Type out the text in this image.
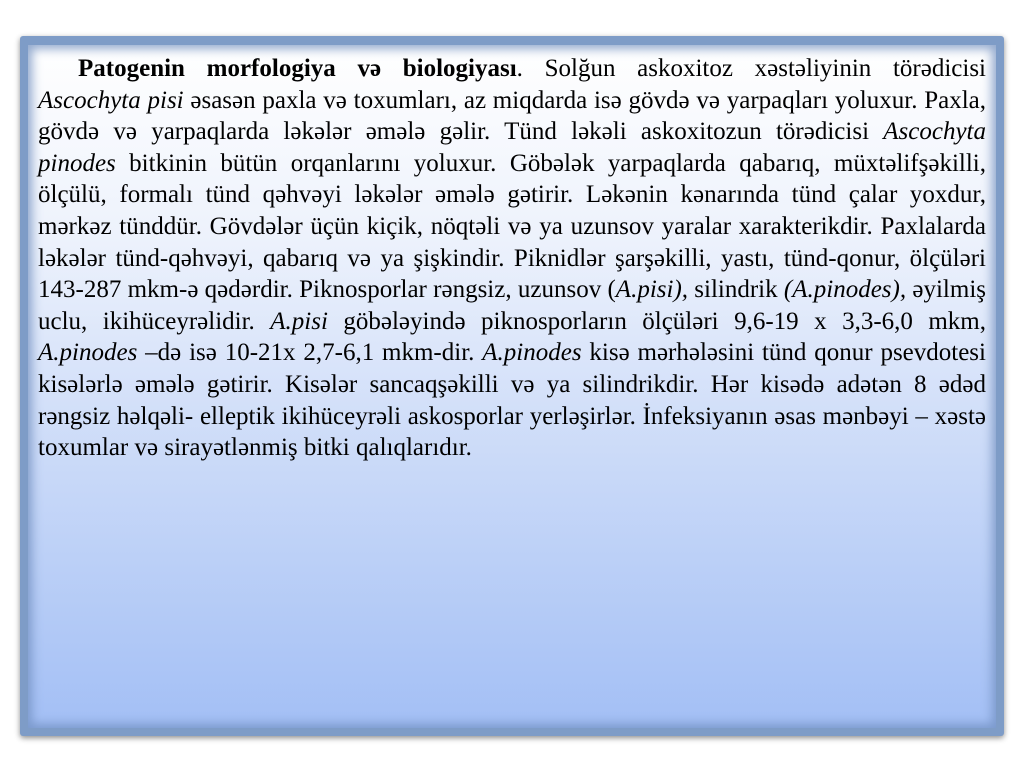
Patogenin morfologiya və biologiyası. Solğun askoxitoz xəstəliyinin törədicisi Ascochyta pisi əsasən paxla və toxumları, az miqdarda isə gövdə və yarpaqları yoluxur. Paxla, gövdə və yarpaqlarda ləkələr əmələ gəlir. Tünd ləkəli askoxitozun törədicisi Ascochyta pinodes bitkinin bütün orqanlarını yoluxur. Göbələk yarpaqlarda qabarıq, müxtəlifşəkilli, ölçülü, formalı tünd qəhvəyi ləkələr əmələ gətirir. Ləkənin kənarında tünd çalar yoxdur, mərkəz tünddür. Gövdələr üçün kiçik, nöqtəli və ya uzunsov yaralar xarakterikdir. Paxlalarda ləkələr tünd-qəhvəyi, qabarıq və ya şişkindir. Piknidlər şarşəkilli, yastı, tünd-qonur, ölçüləri 143-287 mkm-ə qədərdir. Piknosporlar rəngsiz, uzunsov (A.pisi), silindrik (A.pinodes), əyilmiş uclu, ikihüceyrəlidir. A.pisi göbələyində piknosporların ölçüləri 9,6-19 x 3,3-6,0 mkm, A.pinodes –də isə 10-21x 2,7-6,1 mkm-dir. A.pinodes kisə mərhələsini tünd qonur psevdotesi kisələrlə əmələ gətirir. Kisələr sancaqşəkilli və ya silindrikdir. Hər kisədə adətən 8 ədəd rəngsiz həlqəli- elleptik ikihüceyrəli askosporlar yerləşirlər. İnfeksiyanın əsas mənbəyi – xəstə toxumlar və sirayətlənmiş bitki qalıqlarıdır.
